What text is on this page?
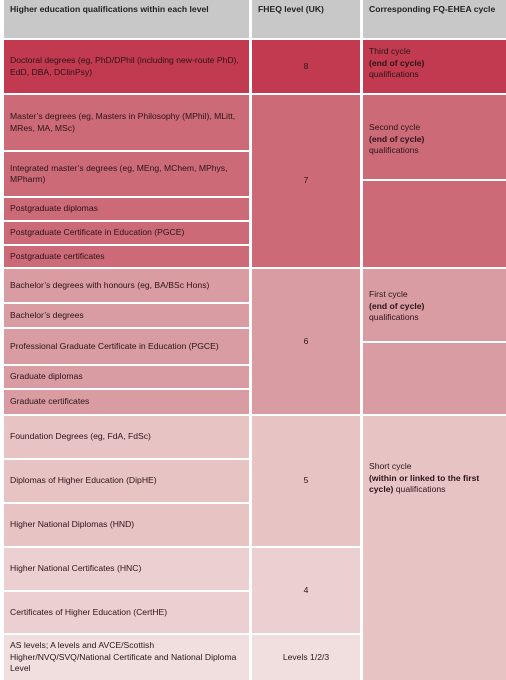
Higher education qualifications within each level	FHEQ level (UK)	Corresponding FQ-EHEA cycle
Doctoral degrees (eg, PhD/DPhil (including new-route PhD), EdD, DBA, DClinPsy)
Master’s degrees (eg, Masters in Philosophy (MPhil), MLitt, MRes, MA, MSc)
Integrated master’s degrees (eg, MEng, MChem, MPhys, MPharm)
Postgraduate diplomas
Postgraduate Certificate in Education (PGCE)
Postgraduate certificates
Bachelor’s degrees with honours (eg, BA/BSc Hons)
Bachelor’s degrees
Professional Graduate Certificate in Education (PGCE)
Graduate diplomas
Graduate certificates
Foundation Degrees (eg, FdA, FdSc)
Diplomas of Higher Education (DipHE)
Higher National Diplomas (HND)
Higher National Certificates (HNC)
Certificates of Higher Education (CertHE)
AS levels; A levels and AVCE/Scottish Higher/NVQ/SVQ/National Certificate and National Diploma Level
8
7
6
5
4
Levels 1/2/3
Third cycle
(end of cycle)
qualifications
Second cycle
(end of cycle)
qualifications
First cycle
(end of cycle)
qualifications
Short cycle
(within or linked to the first cycle) qualifications
